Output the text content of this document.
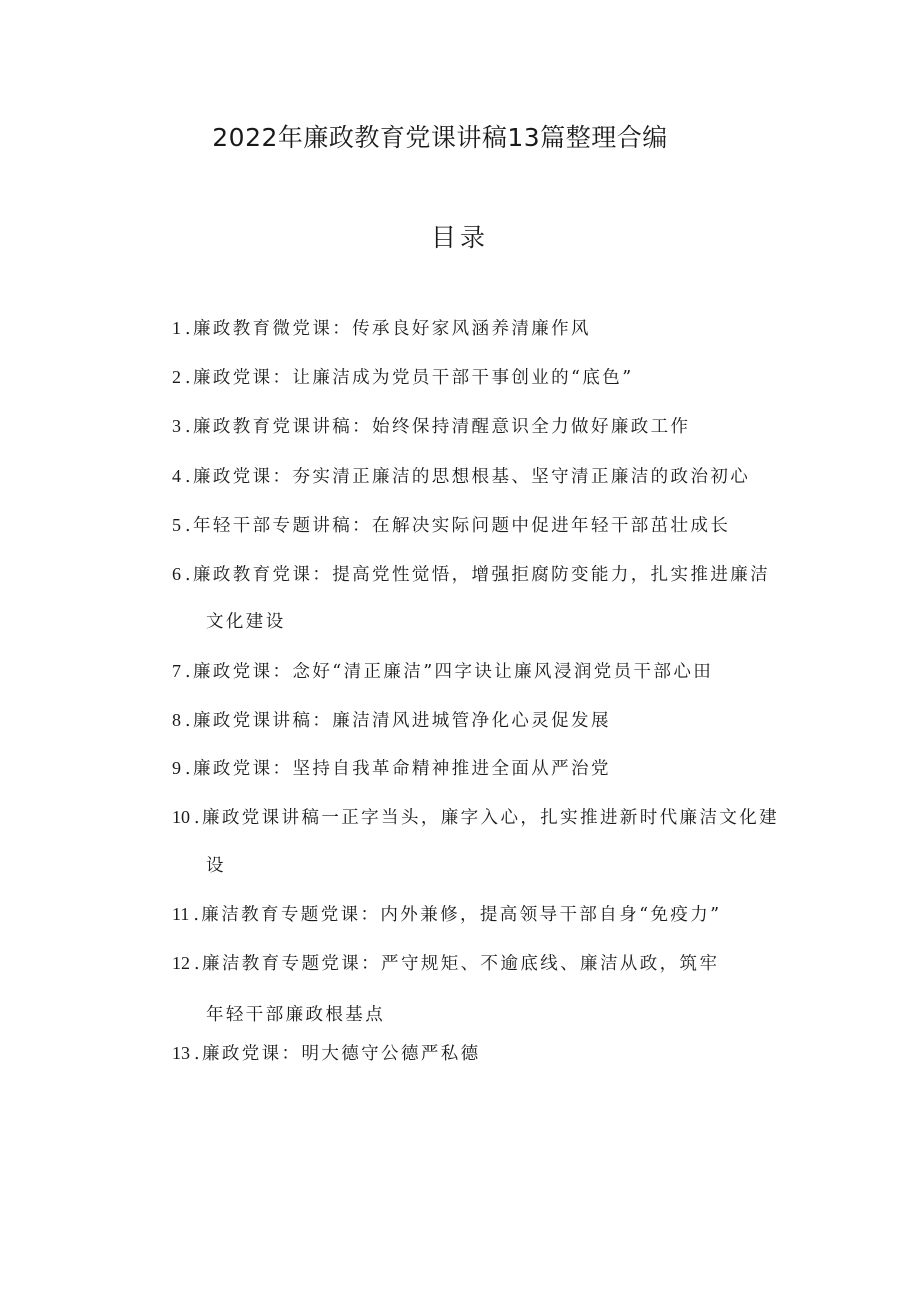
2022年廉政教育党课讲稿13篇整理合编
目录
1 .廉政教育微党课：传承良好家风涵养清廉作风
2 .廉政党课：让廉洁成为党员干部干事创业的“底色”
3 .廉政教育党课讲稿：始终保持清醒意识全力做好廉政工作
4 .廉政党课：夯实清正廉洁的思想根基、坚守清正廉洁的政治初心
5 .年轻干部专题讲稿：在解决实际问题中促进年轻干部茁壮成长
6 .廉政教育党课：提高党性觉悟，增强拒腐防变能力，扎实推进廉洁
文化建设
7 .廉政党课：念好“清正廉洁”四字诀让廉风浸润党员干部心田
8 .廉政党课讲稿：廉洁清风进城管净化心灵促发展
9 .廉政党课：坚持自我革命精神推进全面从严治党
10 .廉政党课讲稿一正字当头，廉字入心，扎实推进新时代廉洁文化建
设
11 .廉洁教育专题党课：内外兼修，提高领导干部自身“免疫力”
12 .廉洁教育专题党课：严守规矩、不逾底线、廉洁从政，筑牢
年轻干部廉政根基点
13 .廉政党课：明大德守公德严私德
